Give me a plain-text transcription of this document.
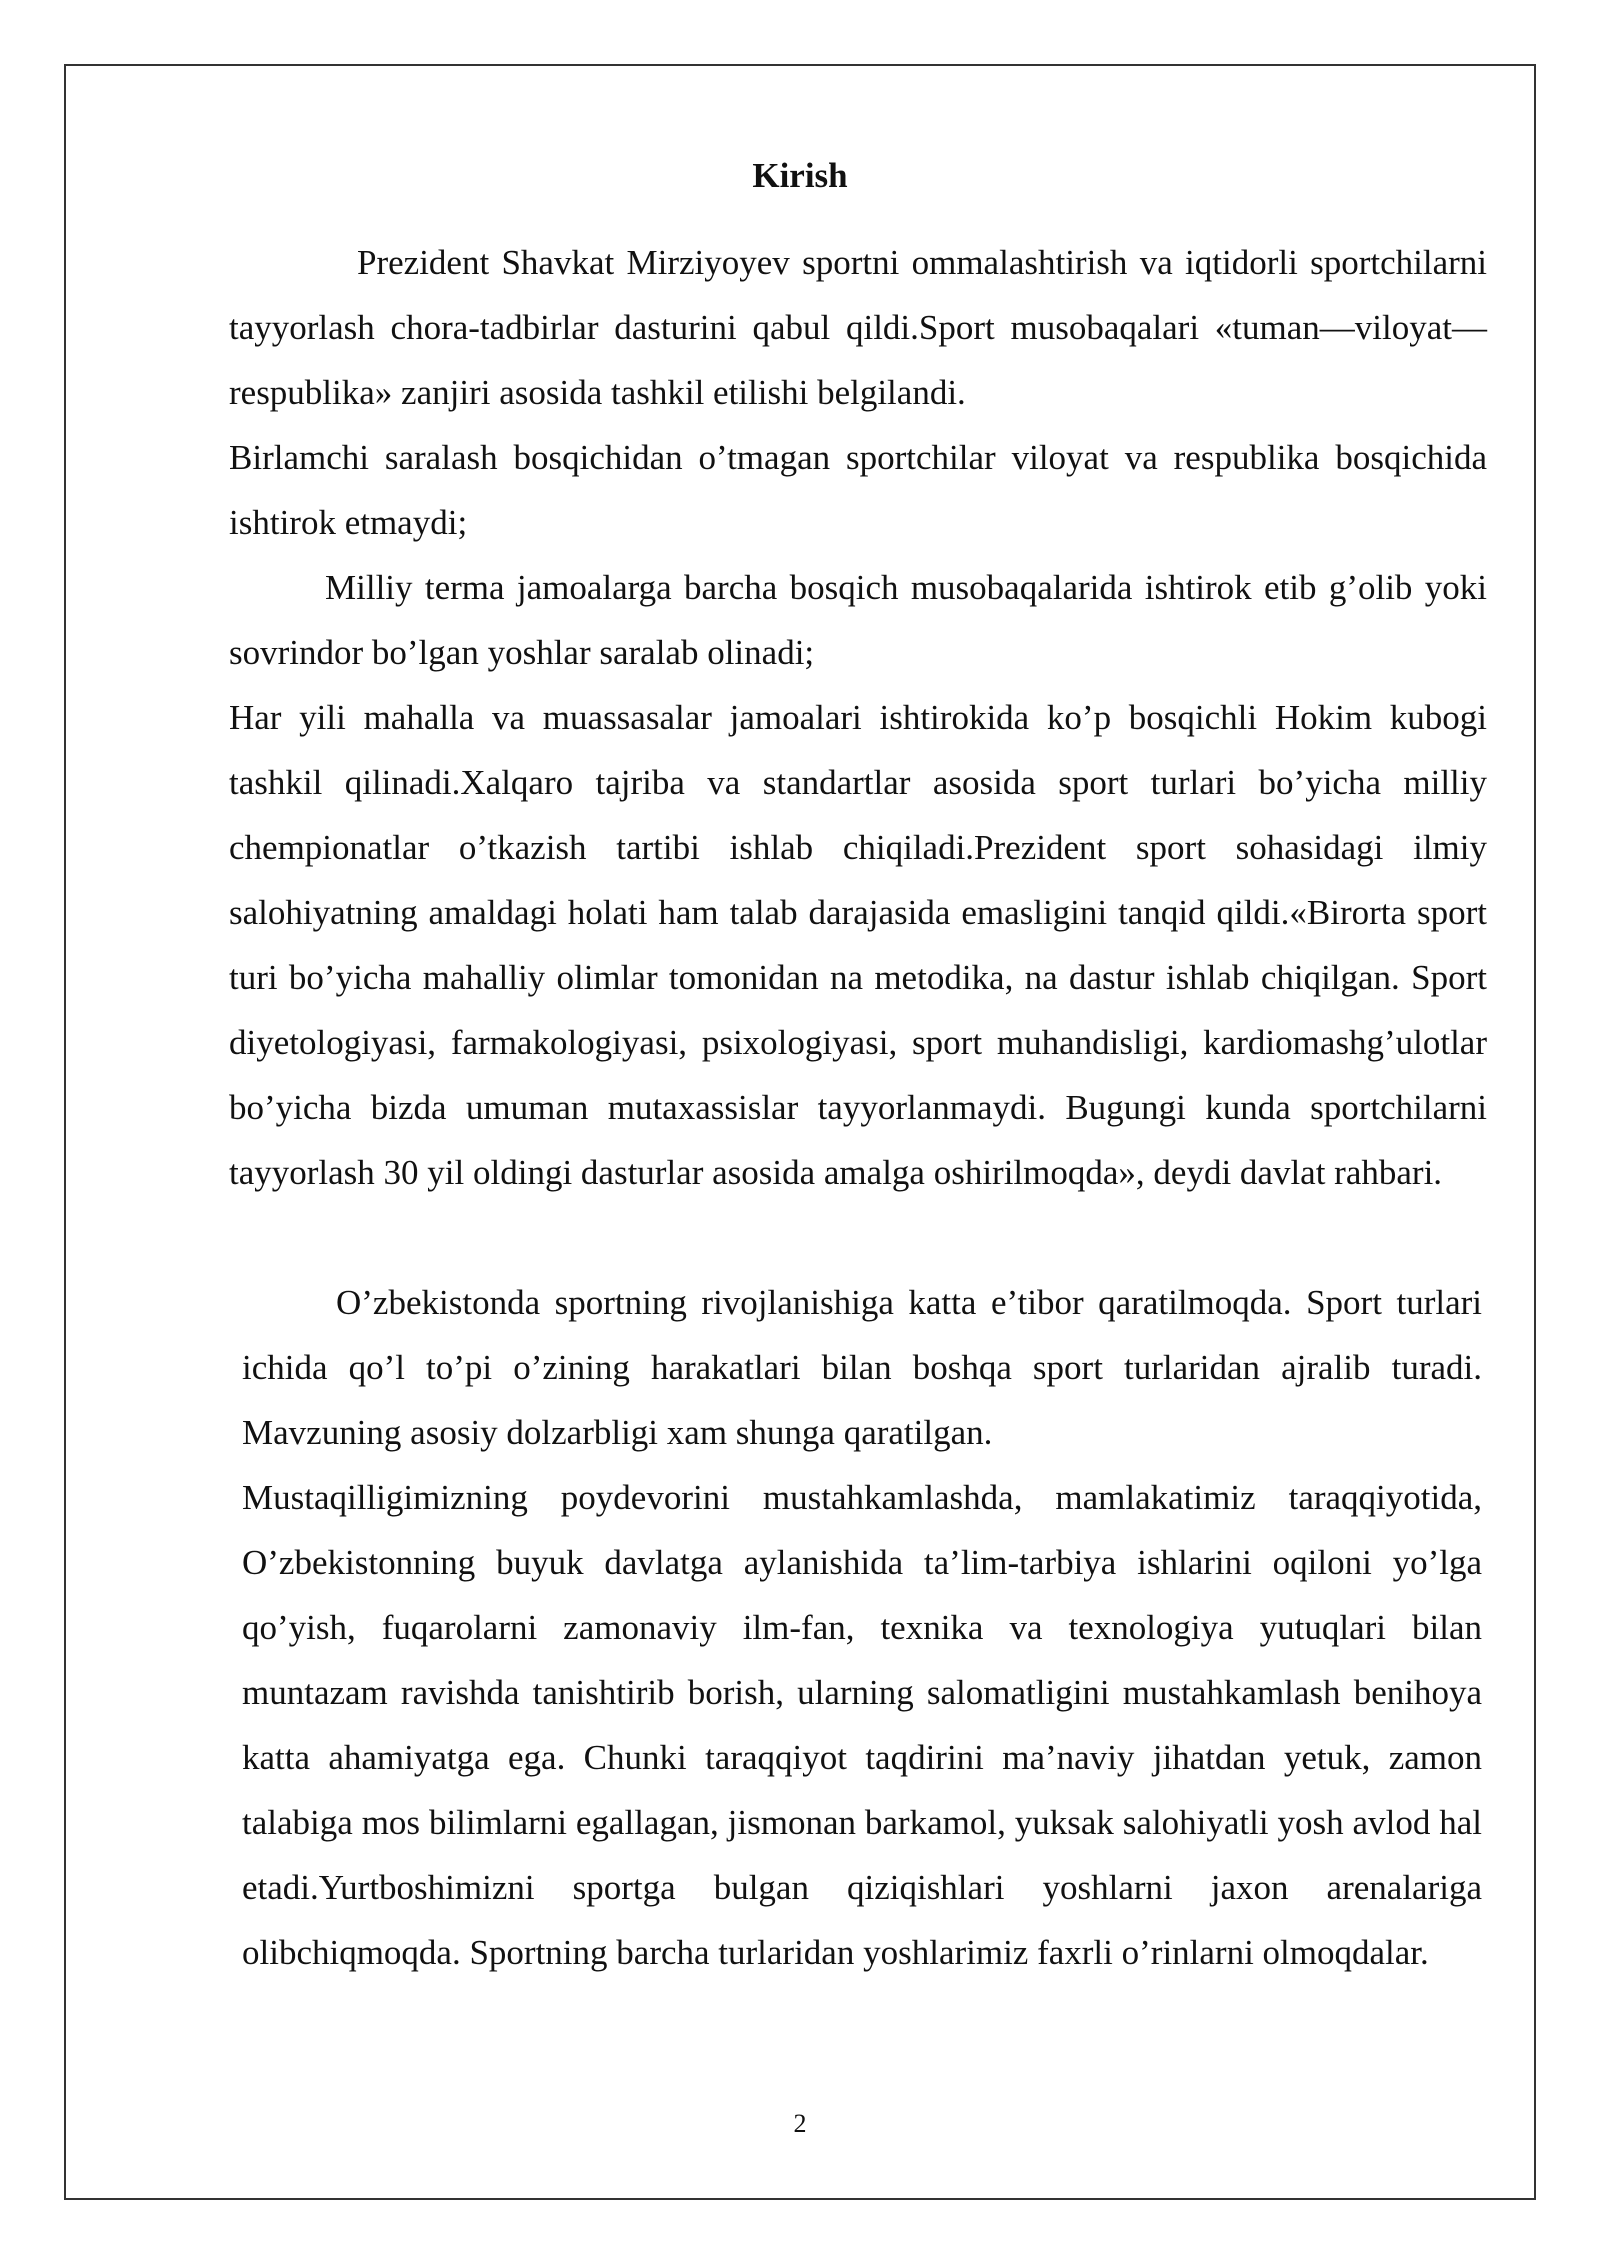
Kirish

Prezident Shavkat Mirziyoyev sportni ommalashtirish va iqtidorli sportchilarni tayyorlash chora-tadbirlar dasturini qabul qildi.Sport musobaqalari «tuman—viloyat—respublika» zanjiri asosida tashkil etilishi belgilandi.

Birlamchi saralash bosqichidan o’tmagan sportchilar viloyat va respublika bosqichida ishtirok etmaydi;

Milliy terma jamoalarga barcha bosqich musobaqalarida ishtirok etib g’olib yoki sovrindor bo’lgan yoshlar saralab olinadi;

Har yili mahalla va muassasalar jamoalari ishtirokida ko’p bosqichli Hokim kubogi tashkil qilinadi.Xalqaro tajriba va standartlar asosida sport turlari bo’yicha milliy chempionatlar o’tkazish tartibi ishlab chiqiladi.Prezident sport sohasidagi ilmiy salohiyatning amaldagi holati ham talab darajasida emasligini tanqid qildi.«Birorta sport turi bo’yicha mahalliy olimlar tomonidan na metodika, na dastur ishlab chiqilgan. Sport diyetologiyasi, farmakologiyasi, psixologiyasi, sport muhandisligi, kardiomashg’ulotlar bo’yicha bizda umuman mutaxassislar tayyorlanmaydi. Bugungi kunda sportchilarni tayyorlash 30 yil oldingi dasturlar asosida amalga oshirilmoqda», deydi davlat rahbari.

O’zbekistonda sportning rivojlanishiga katta e’tibor qaratilmoqda. Sport turlari ichida qo’l to’pi o’zining harakatlari bilan boshqa sport turlaridan ajralib turadi. Mavzuning asosiy dolzarbligi xam shunga qaratilgan.

Mustaqilligimizning poydevorini mustahkamlashda, mamlakatimiz taraqqiyotida, O’zbekistonning buyuk davlatga aylanishida ta’lim-tarbiya ishlarini oqiloni yo’lga qo’yish, fuqarolarni zamonaviy ilm-fan, texnika va texnologiya yutuqlari bilan muntazam ravishda tanishtirib borish, ularning salomatligini mustahkamlash benihoya katta ahamiyatga ega. Chunki taraqqiyot taqdirini ma’naviy jihatdan yetuk, zamon talabiga mos bilimlarni egallagan, jismonan barkamol, yuksak salohiyatli yosh avlod hal etadi.Yurtboshimizni sportga bulgan qiziqishlari yoshlarni jaxon arenalariga olibchiqmoqda. Sportning barcha turlaridan yoshlarimiz faxrli o’rinlarni olmoqdalar.

2
